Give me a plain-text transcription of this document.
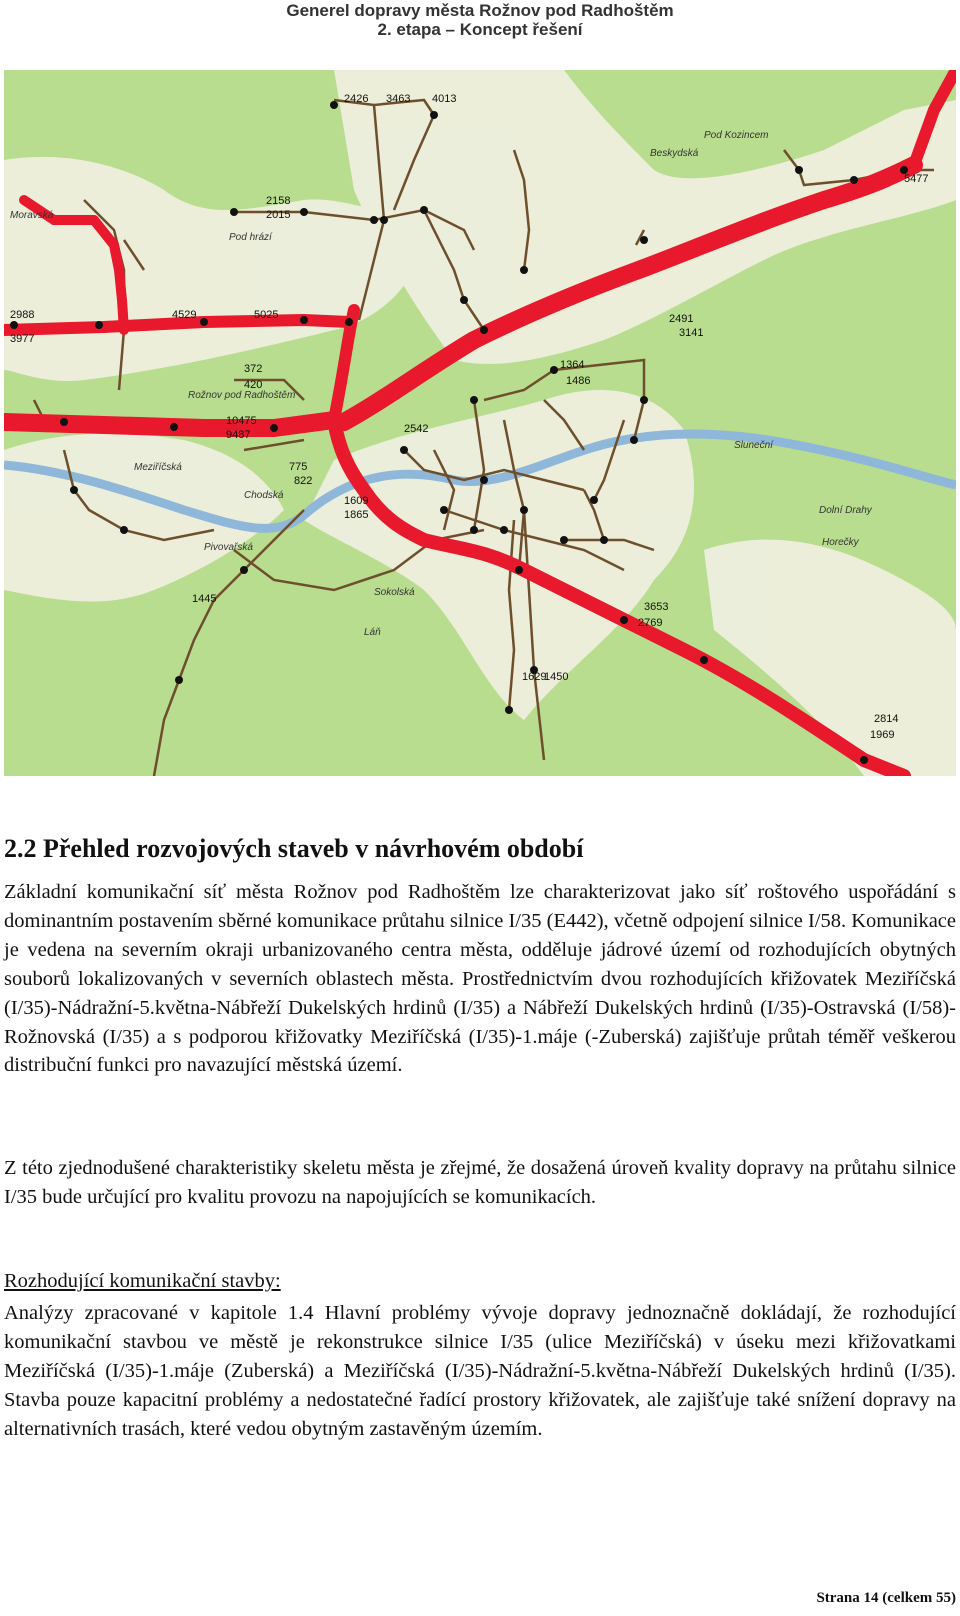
Generel dopravy města Rožnov pod Radhoštěm
2. etapa – Koncept řešení
2426 3463 4013
2158
2015
4529	5025
2988
3977
372
420
10475
9487
2491
3141
1364
1486
2542
775
822
1609
1865
3653
2769
2814
1969
1445
1629
1450
5477
Rožnov pod Radhoštěm
Moravská
Beskydská
Pod Kozincem
Pod hrází
Meziříčská
Chodská
Pivovařská
Sokolská
Láň
Sluneční
Horečky
Dolní Drahy
2.2 Přehled rozvojových staveb v návrhovém období

Základní komunikační síť města Rožnov pod Radhoštěm lze charakterizovat jako síť roštového uspořádání s dominantním postavením sběrné komunikace průtahu silnice I/35 (E442), včetně odpojení silnice I/58. Komunikace je vedena na severním okraji urbanizovaného centra města, odděluje jádrové území od rozhodujících obytných souborů lokalizovaných v severních oblastech města. Prostřednictvím dvou rozhodujících křižovatek Meziříčská (I/35)-Nádražní-5.května-Nábřeží Dukelských hrdinů (I/35) a Nábřeží Dukelských hrdinů (I/35)-Ostravská (I/58)-Rožnovská (I/35) a s podporou křižovatky Meziříčská (I/35)-1.máje (-Zuberská) zajišťuje průtah téměř veškerou distribuční funkci pro navazující městská území.

Z této zjednodušené charakteristiky skeletu města je zřejmé, že dosažená úroveň kvality dopravy na průtahu silnice I/35 bude určující pro kvalitu provozu na napojujících se komunikacích.

Rozhodující komunikační stavby:

Analýzy zpracované v kapitole 1.4 Hlavní problémy vývoje dopravy jednoznačně dokládají, že rozhodující komunikační stavbou ve městě je rekonstrukce silnice I/35 (ulice Meziříčská) v úseku mezi křižovatkami Meziříčská (I/35)-1.máje (Zuberská) a Meziříčská (I/35)-Nádražní-5.května-Nábřeží Dukelských hrdinů (I/35). Stavba pouze kapacitní problémy a nedostatečné řadící prostory křižovatek, ale zajišťuje také snížení dopravy na alternativních trasách, které vedou obytným zastavěným územím.

Strana 14 (celkem 55)
